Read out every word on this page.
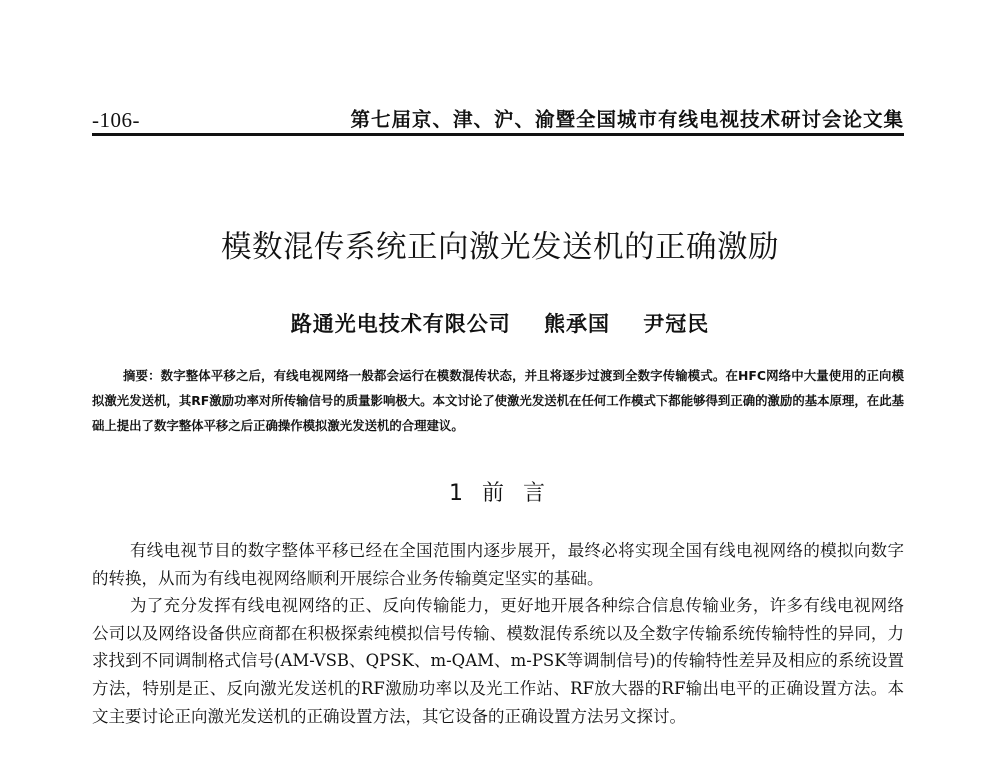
-106-	第七届京、津、沪、渝暨全国城市有线电视技术研讨会论文集
模数混传系统正向激光发送机的正确激励
路通光电技术有限公司    熊承国    尹冠民
摘要：数字整体平移之后，有线电视网络一般都会运行在模数混传状态，并且将逐步过渡到全数字传输模式。在HFC网络中大量使用的正向模拟激光发送机，其RF激励功率对所传输信号的质量影响极大。本文讨论了使激光发送机在任何工作模式下都能够得到正确的激励的基本原理，在此基础上提出了数字整体平移之后正确操作模拟激光发送机的合理建议。
1 前 言

有线电视节目的数字整体平移已经在全国范围内逐步展开，最终必将实现全国有线电视网络的模拟向数字的转换，从而为有线电视网络顺利开展综合业务传输奠定坚实的基础。

为了充分发挥有线电视网络的正、反向传输能力，更好地开展各种综合信息传输业务，许多有线电视网络公司以及网络设备供应商都在积极探索纯模拟信号传输、模数混传系统以及全数字传输系统传输特性的异同，力求找到不同调制格式信号(AM-VSB、QPSK、m-QAM、m-PSK等调制信号)的传输特性差异及相应的系统设置方法，特别是正、反向激光发送机的RF激励功率以及光工作站、RF放大器的RF输出电平的正确设置方法。本文主要讨论正向激光发送机的正确设置方法，其它设备的正确设置方法另文探讨。
